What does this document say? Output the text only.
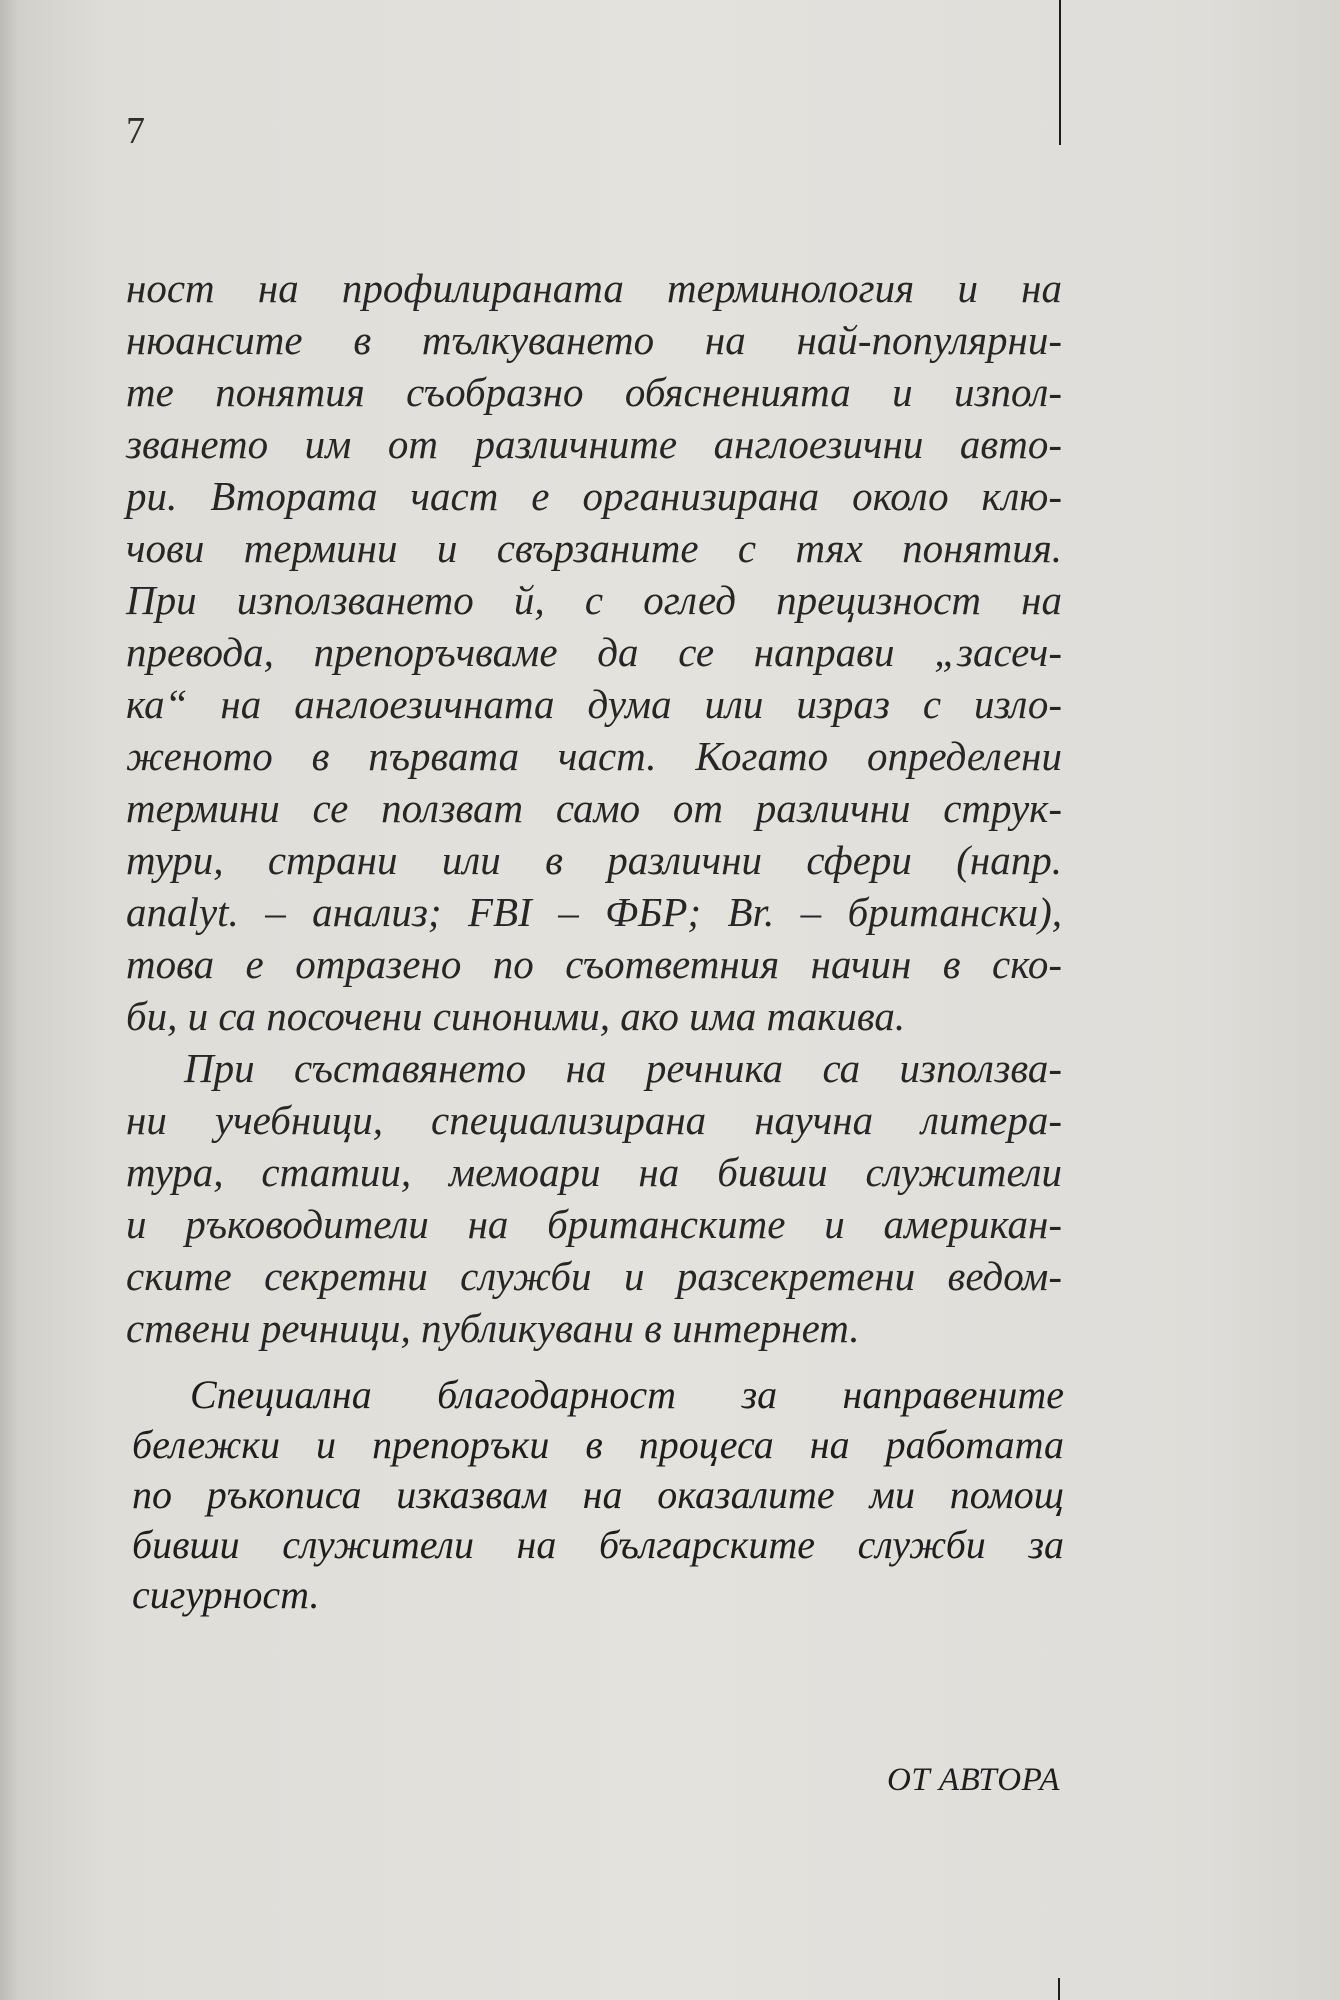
7
ност на профилираната терминология и на
нюансите в тълкуването на най-популярни-
те понятия съобразно обясненията и изпол-
зването им от различните англоезични авто-
ри. Втората част е организирана около клю-
чови термини и свързаните с тях понятия.
При използването й, с оглед прецизност на
превода, препоръчваме да се направи „засеч-
ка“ на англоезичната дума или израз с изло-
женото в първата част. Когато определени
термини се ползват само от различни струк-
тури, страни или в различни сфери (напр.
analyt. – анализ; FBI – ФБР; Br. – британски),
това е отразено по съответния начин в ско-
би, и са посочени синоними, ако има такива.
При съставянето на речника са използва-
ни учебници, специализирана научна литера-
тура, статии, мемоари на бивши служители
и ръководители на британските и американ-
ските секретни служби и разсекретени ведом-
ствени речници, публикувани в интернет.
Специална благодарност за направените
бележки и препоръки в процеса на работата
по ръкописа изказвам на оказалите ми помощ
бивши служители на българските служби за
сигурност.
ОТ АВТОРА
